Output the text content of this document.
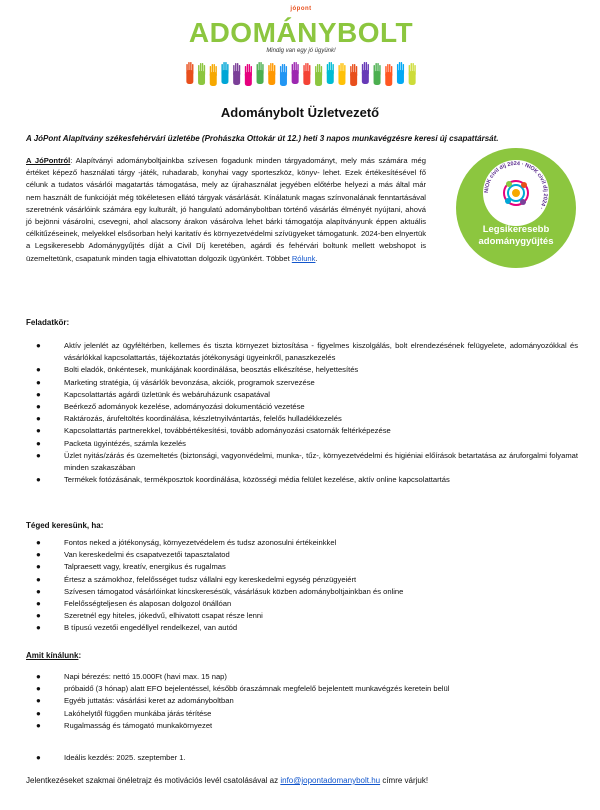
jópont
ADOMÁNYBOLT
Mindig van egy jó ügyünk!
Adománybolt Üzletvezető

A JóPont Alapítvány székesfehérvári üzletébe (Prohászka Ottokár út 12.) heti 3 napos munkavégzésre keresi új csapattársát.

A JóPontról: Alapítványi adományboltjainkba szívesen fogadunk minden tárgyadományt, mely más számára még értéket képező használati tárgy -játék, ruhadarab, konyhai vagy sporteszköz, könyv- lehet. Ezek értékesítésével fő célunk a tudatos vásárlói magatartás támogatása, mely az újrahasználat jegyében előtérbe helyezi a más által már nem használt de funkcióját még tökéletesen ellátó tárgyak vásárlását. Kínálatunk magas színvonalának fenntartásával szeretnénk vásárlóink számára egy kulturált, jó hangulatú adományboltban történő vásárlás élményét nyújtani, ahová jó bejönni vásárolni, csevegni, ahol alacsony árakon vásárolva lehet bárki támogatója alapítványunk éppen aktuális célkitűzéseinek, melyekkel elsősorban helyi karitatív és környezetvédelmi szívügyeket támogatunk. 2024-ben elnyertük a Legsikeresebb Adománygyűjtés díját a Civil Díj keretében, agárdi és fehérvári boltunk mellett webshopot is üzemeltetünk, csapatunk minden tagja elhivatottan dolgozik ügyünkért. Többet Rólunk.

NIOK civil díj 2024 · NIOK civil díj 2024 ·
Legsikeresebb
adománygyűjtés

Feladatkör:

●	Aktív jelenlét az ügyféltérben, kellemes és tiszta környezet biztosítása - figyelmes kiszolgálás, bolt elrendezésének felügyelete, adományozókkal és vásárlókkal kapcsolattartás, tájékoztatás jótékonysági ügyeinkről, panaszkezelés
●	Bolti eladók, önkéntesek, munkájának koordinálása, beosztás elkészítése, helyettesítés
●	Marketing stratégia, új vásárlók bevonzása, akciók, programok szervezése
●	Kapcsolattartás agárdi üzletünk és webáruházunk csapatával
●	Beérkező adományok kezelése, adományozási dokumentáció vezetése
●	Raktározás, árufeltöltés koordinálása, készletnyilvántartás, felelős hulladékkezelés
●	Kapcsolattartás partnerekkel, továbbértékesítési, tovább adományozási csatornák feltérképezése
●	Packeta ügyintézés, számla kezelés
●	Üzlet nyitás/zárás és üzemeltetés (biztonsági, vagyonvédelmi, munka-, tűz-, környezetvédelmi és higiéniai előírások betartatása az áruforgalmi folyamat minden szakaszában
●	Termékek fotózásának, termékposztok koordinálása, közösségi média felület kezelése, aktív online kapcsolattartás

Téged keresünk, ha:

●	Fontos neked a jótékonyság, környezetvédelem és tudsz azonosulni értékeinkkel
●	Van kereskedelmi és csapatvezetői tapasztalatod
●	Talpraesett vagy, kreatív, energikus és rugalmas
●	Értesz a számokhoz, felelősséget tudsz vállalni egy kereskedelmi egység pénzügyeiért
●	Szívesen támogatod vásárlóinkat kincskeresésük, vásárlásuk közben adományboltjainkban és online
●	Felelősségteljesen és alaposan dolgozol önállóan
●	Szeretnél egy hiteles, jókedvű, elhivatott csapat része lenni
●	B típusú vezetői engedéllyel rendelkezel, van autód

Amit kínálunk:

●	Napi bérezés: nettó 15.000Ft (havi max. 15 nap)
●	próbaidő (3 hónap) alatt EFO bejelentéssel, később óraszámnak megfelelő bejelentett munkavégzés keretein belül
●	Egyéb juttatás: vásárlási keret az adományboltban
●	Lakóhelytől függően munkába járás térítése
●	Rugalmasság és támogató munkakörnyezet
●	Ideális kezdés: 2025. szeptember 1.

Jelentkezéseket szakmai önéletrajz és motivációs levél csatolásával az info@jopontadomanybolt.hu címre várjuk!
